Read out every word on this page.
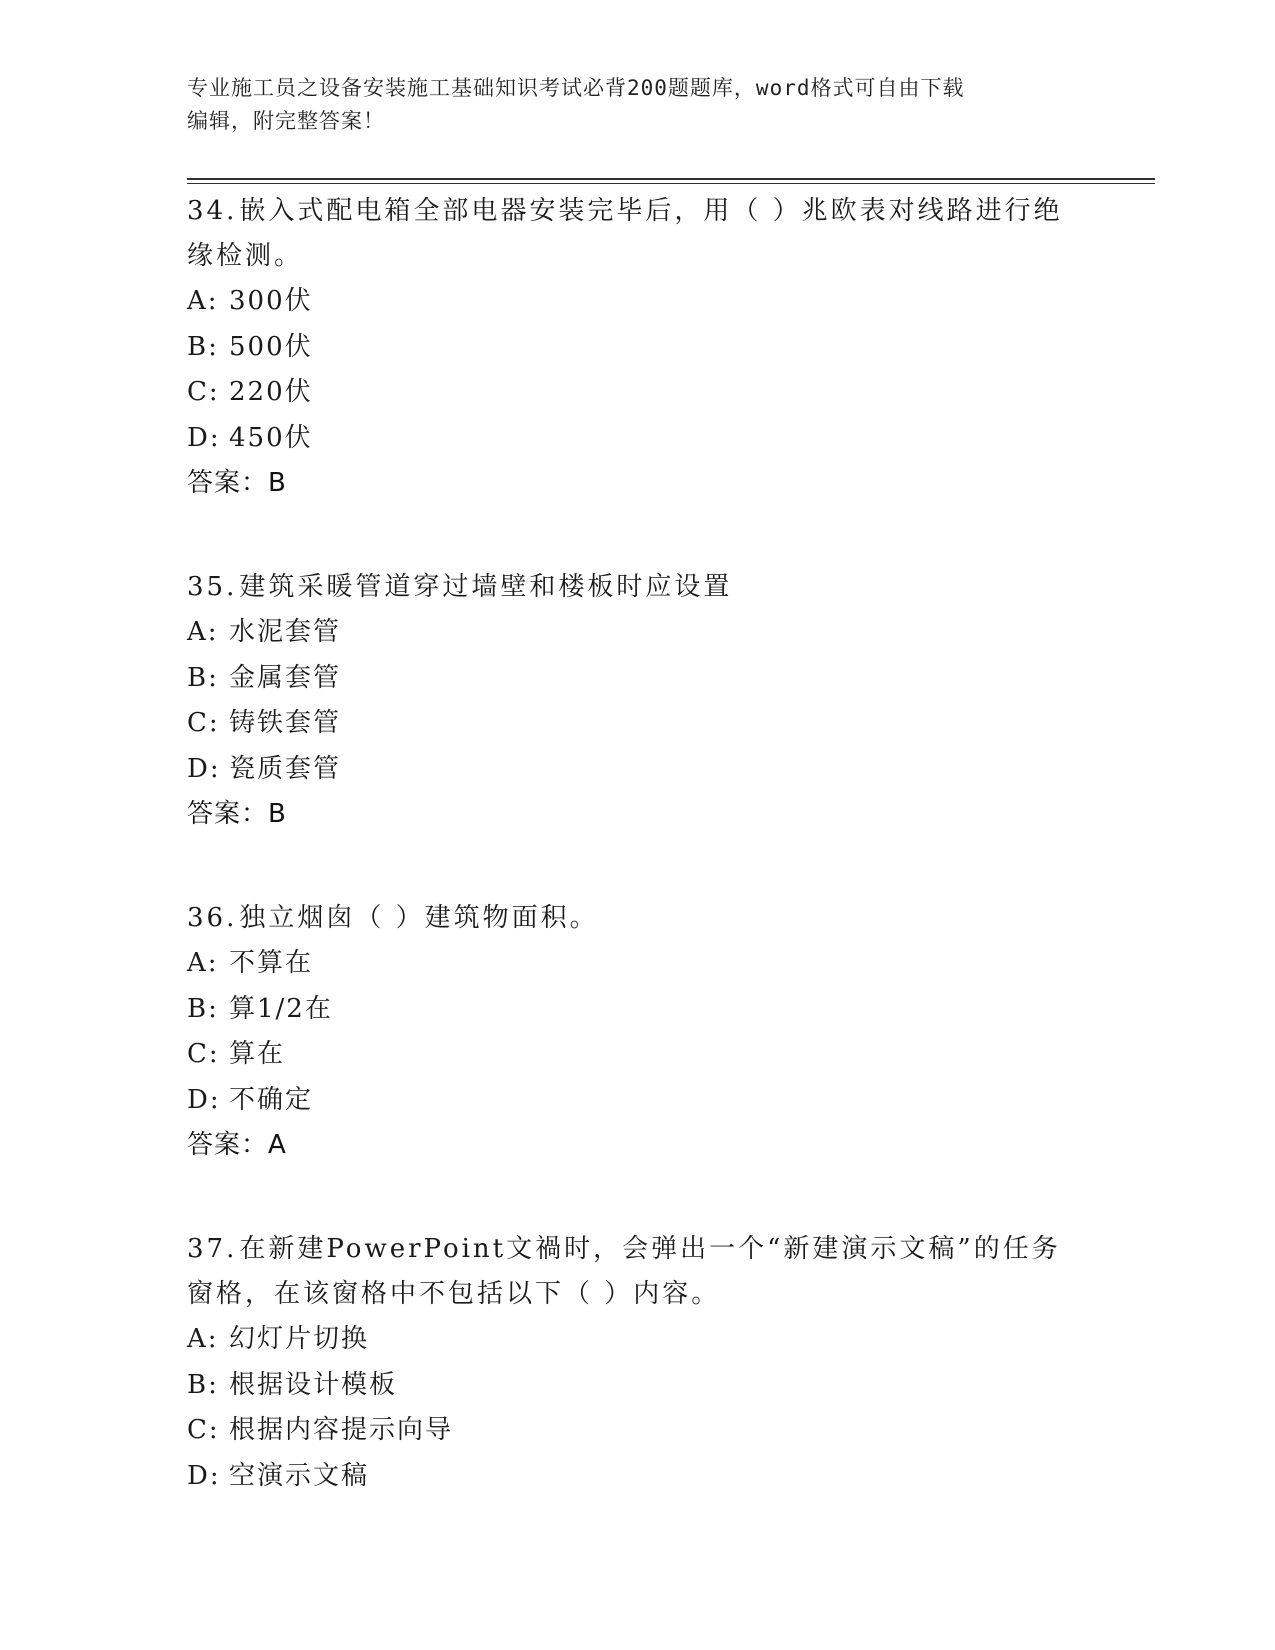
专业施工员之设备安装施工基础知识考试必背200题题库，word格式可自由下载
编辑，附完整答案！

34.嵌入式配电箱全部电器安装完毕后，用（ ）兆欧表对线路进行绝缘检测。

A: 300伏

B: 500伏

C: 220伏

D: 450伏

答案：B

35.建筑采暖管道穿过墙壁和楼板时应设置

A: 水泥套管

B: 金属套管

C: 铸铁套管

D: 瓷质套管

答案：B

36.独立烟囱（ ）建筑物面积。

A: 不算在

B: 算1/2在

C: 算在

D: 不确定

答案：A

37.在新建PowerPoint文禍时，会弹出一个“新建演示文稿”的任务窗格，在该窗格中不包括以下（ ）内容。

A: 幻灯片切换

B: 根据设计模板

C: 根据内容提示向导

D: 空演示文稿
